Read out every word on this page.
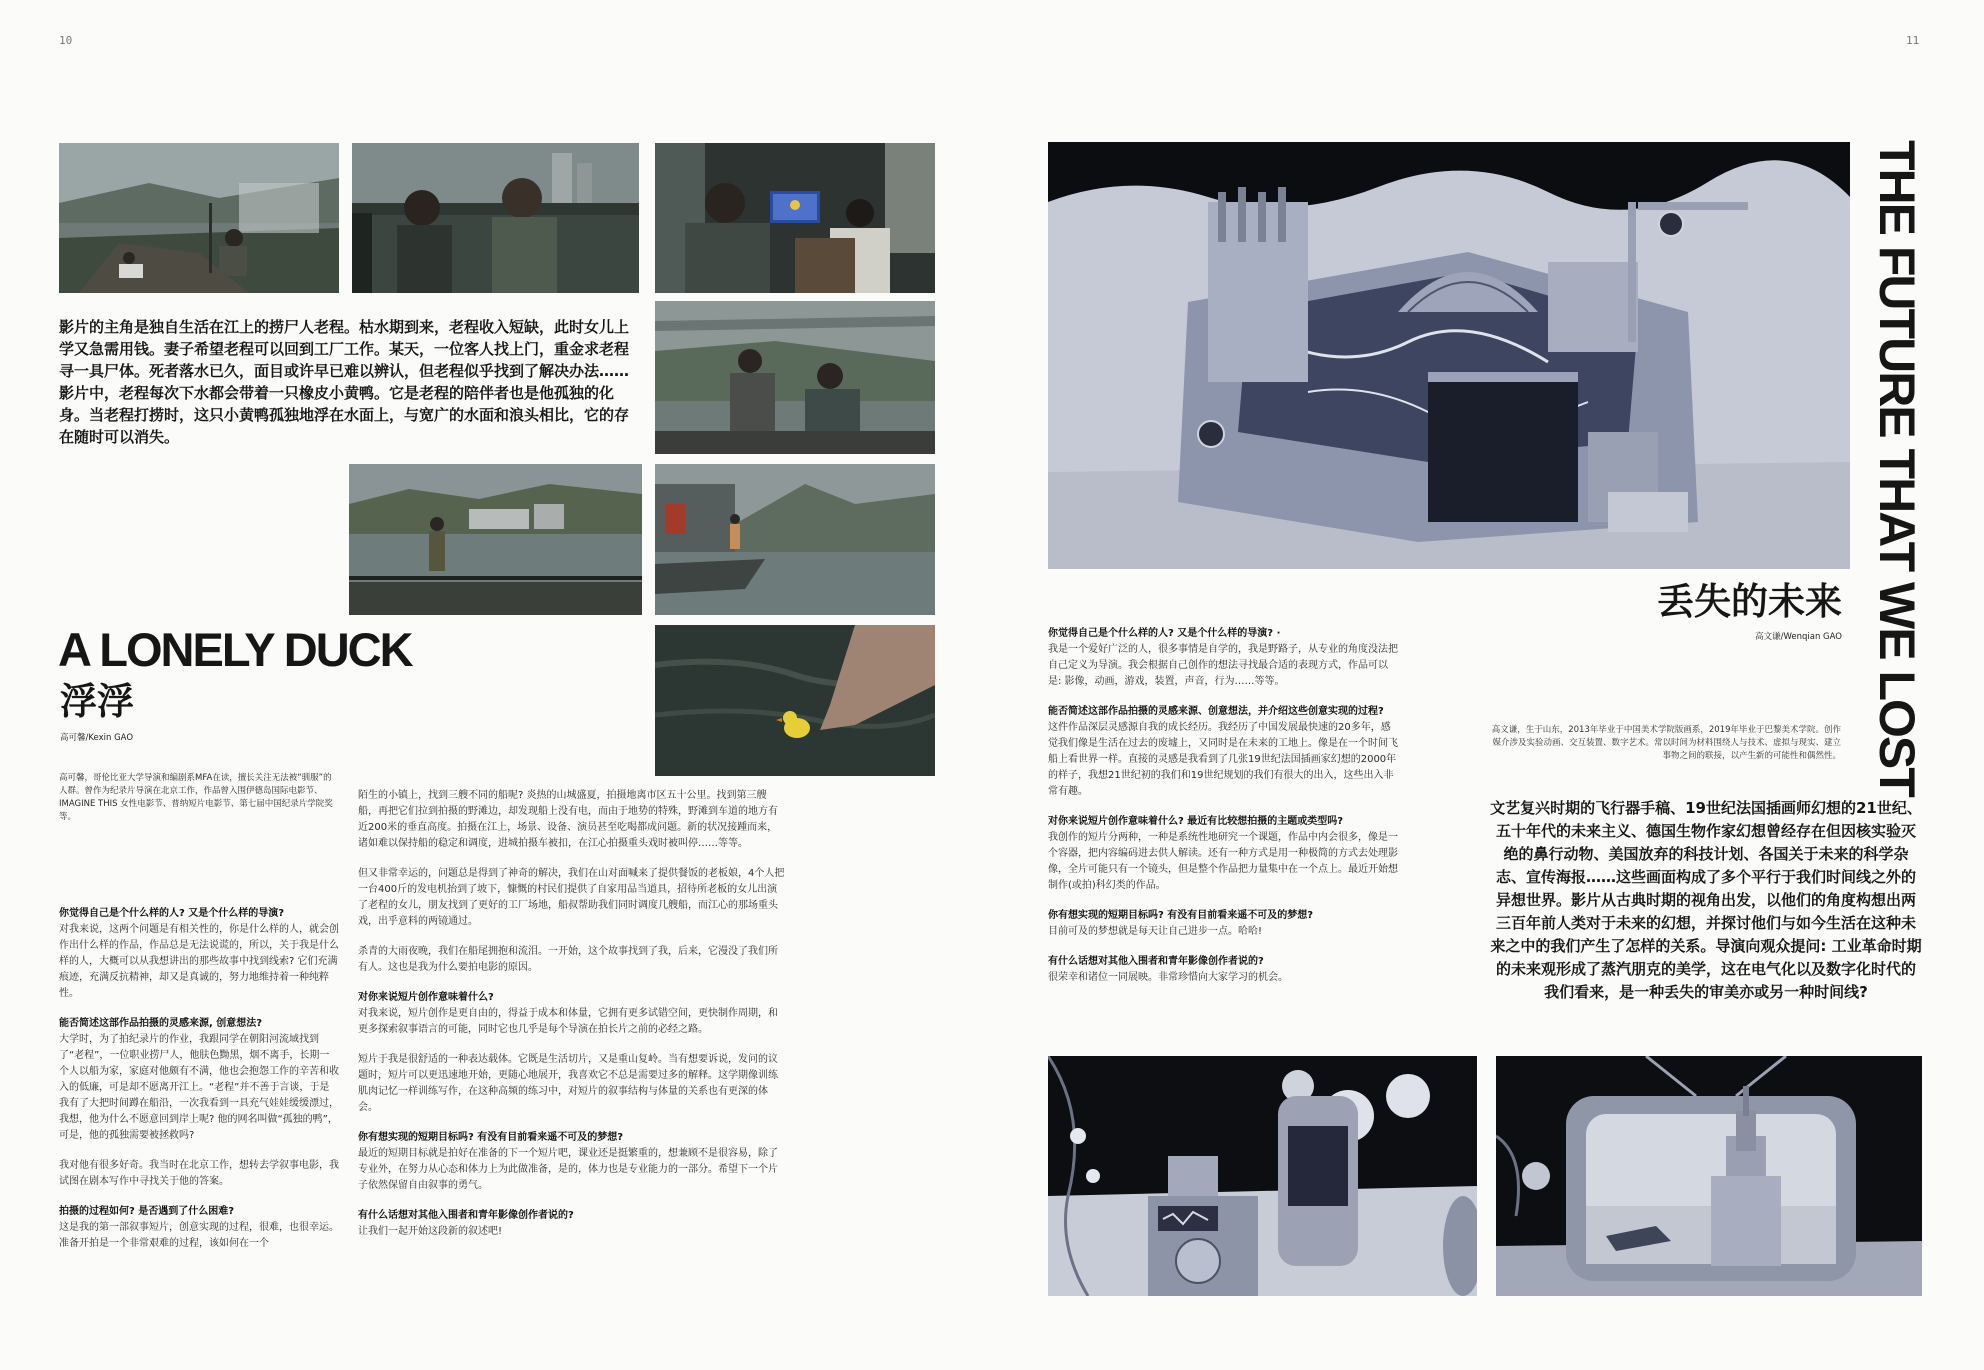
10
影片的主角是独自生活在江上的捞尸人老程。枯水期到来，老程收入短缺，此时女儿上学又急需用钱。妻子希望老程可以回到工厂工作。某天，一位客人找上门，重金求老程寻一具尸体。死者落水已久，面目或许早已难以辨认，但老程似乎找到了解决办法……影片中，老程每次下水都会带着一只橡皮小黄鸭。它是老程的陪伴者也是他孤独的化身。当老程打捞时，这只小黄鸭孤独地浮在水面上，与宽广的水面和浪头相比，它的存在随时可以消失。
A LONELY DUCK
浮浮
高可馨/Kexin GAO
高可馨，哥伦比亚大学导演和编剧系MFA在读，擅长关注无法被“驯服”的人群。曾作为纪录片导演在北京工作，作品曾入围伊德岛国际电影节、IMAGINE THIS 女性电影节、普纳短片电影节、第七届中国纪录片学院奖等。

你觉得自己是个什么样的人? 又是个什么样的导演?

对我来说，这两个问题是有相关性的，你是什么样的人，就会创作出什么样的作品，作品总是无法说谎的，所以，关于我是什么样的人，大概可以从我想讲出的那些故事中找到线索? 它们充满痕迹，充满反抗精神，却又是真诚的，努力地维持着一种纯粹性。

能否简述这部作品拍摄的灵感来源, 创意想法?

大学时，为了拍纪录片的作业，我跟同学在朝阳河流域找到了“老程”，一位职业捞尸人，他肤色黝黑，烟不离手，长期一个人以船为家，家庭对他颇有不满，他也会抱怨工作的辛苦和收入的低廉，可是却不愿离开江上。“老程”并不善于言谈，于是我有了大把时间蹲在船沿，一次我看到一具充气娃娃缓缓漂过，我想，他为什么不愿意回到岸上呢? 他的网名叫做“孤独的鸭”，可是，他的孤独需要被拯救吗?

我对他有很多好奇。我当时在北京工作，想转去学叙事电影，我试图在剧本写作中寻找关于他的答案。

拍摄的过程如何? 是否遇到了什么困难?

这是我的第一部叙事短片，创意实现的过程，很难，也很幸运。准备开拍是一个非常艰难的过程，该如何在一个

陌生的小镇上，找到三艘不同的船呢? 炎热的山城盛夏，拍摄地离市区五十公里。找到第三艘船，再把它们拉到拍摄的野滩边，却发现船上没有电，而由于地势的特殊，野滩到车道的地方有近200米的垂直高度。拍摄在江上，场景、设备、演员甚至吃喝都成问题。新的状况接踵而来，诸如难以保持船的稳定和调度，进城拍摄车被扣，在江心拍摄重头戏时被叫停……等等。

但又非常幸运的，问题总是得到了神奇的解决，我们在山对面喊来了提供餐饭的老板娘，4个人把一台400斤的发电机抬到了坡下，慷慨的村民们提供了自家用品当道具，招待所老板的女儿出演了老程的女儿，朋友找到了更好的工厂场地，船叔帮助我们同时调度几艘船，而江心的那场重头戏，出乎意料的两镜通过。

杀青的大雨夜晚，我们在船尾拥抱和流泪。一开始，这个故事找到了我，后来，它漫没了我们所有人。这也是我为什么要拍电影的原因。

对你来说短片创作意味着什么?

对我来说，短片创作是更自由的，得益于成本和体量，它拥有更多试错空间，更快制作周期，和更多探索叙事语言的可能，同时它也几乎是每个导演在拍长片之前的必经之路。

短片于我是很舒适的一种表达载体。它既是生活切片，又是重山复岭。当有想要诉说，发问的议题时，短片可以更迅速地开始，更随心地展开，我喜欢它不总是需要过多的解释。这学期像训练肌肉记忆一样训练写作，在这种高频的练习中，对短片的叙事结构与体量的关系也有更深的体会。

你有想实现的短期目标吗? 有没有目前看来遥不可及的梦想?

最近的短期目标就是拍好在准备的下一个短片吧，课业还是挺繁重的，想兼顾不是很容易，除了专业外，在努力从心态和体力上为此做准备，是的，体力也是专业能力的一部分。希望下一个片子依然保留自由叙事的勇气。

有什么话想对其他入围者和青年影像创作者说的?

让我们一起开始这段新的叙述吧!

11
THE FUTURE THAT WE LOST
丢失的未来
高文谦/Wenqian GAO

你觉得自己是个什么样的人? 又是个什么样的导演? ·

我是一个爱好广泛的人，很多事情是自学的，我是野路子，从专业的角度没法把自己定义为导演。我会根据自己创作的想法寻找最合适的表现方式，作品可以是: 影像，动画，游戏，装置，声音，行为……等等。

能否简述这部作品拍摄的灵感来源、创意想法，并介绍这些创意实现的过程?

这件作品深层灵感源自我的成长经历。我经历了中国发展最快速的20多年，感觉我们像是生活在过去的废墟上，又同时是在未来的工地上。像是在一个时间飞船上看世界一样。直接的灵感是我看到了几张19世纪法国插画家幻想的2000年的样子，我想21世纪初的我们和19世纪规划的我们有很大的出入，这些出入非常有趣。

对你来说短片创作意味着什么? 最近有比较想拍摄的主题或类型吗?

我创作的短片分两种，一种是系统性地研究一个课题，作品中内会很多，像是一个容器，把内容编码进去供人解读。还有一种方式是用一种极简的方式去处理影像，全片可能只有一个镜头，但是整个作品把力量集中在一个点上。最近开始想制作(或拍)科幻类的作品。

你有想实现的短期目标吗? 有没有目前看来遥不可及的梦想?

目前可及的梦想就是每天让自己进步一点。哈哈!

有什么话想对其他入围者和青年影像创作者说的?

很荣幸和诸位一同展映。非常珍惜向大家学习的机会。

高文谦，生于山东，2013年毕业于中国美术学院版画系，2019年毕业于巴黎美术学院。创作媒介涉及实验动画、交互装置、数字艺术。常以时间为材料围绕人与技术、虚拟与现实、建立事物之间的联接，以产生新的可能性和偶然性。

文艺复兴时期的飞行器手稿、19世纪法国插画师幻想的21世纪、五十年代的未来主义、德国生物作家幻想曾经存在但因核实验灭绝的鼻行动物、美国放弃的科技计划、各国关于未来的科学杂志、宣传海报……这些画面构成了多个平行于我们时间线之外的异想世界。影片从古典时期的视角出发，以他们的角度构想出两三百年前人类对于未来的幻想，并探讨他们与如今生活在这种未来之中的我们产生了怎样的关系。导演向观众提问: 工业革命时期的未来观形成了蒸汽朋克的美学，这在电气化以及数字化时代的我们看来，是一种丢失的审美亦或另一种时间线?
